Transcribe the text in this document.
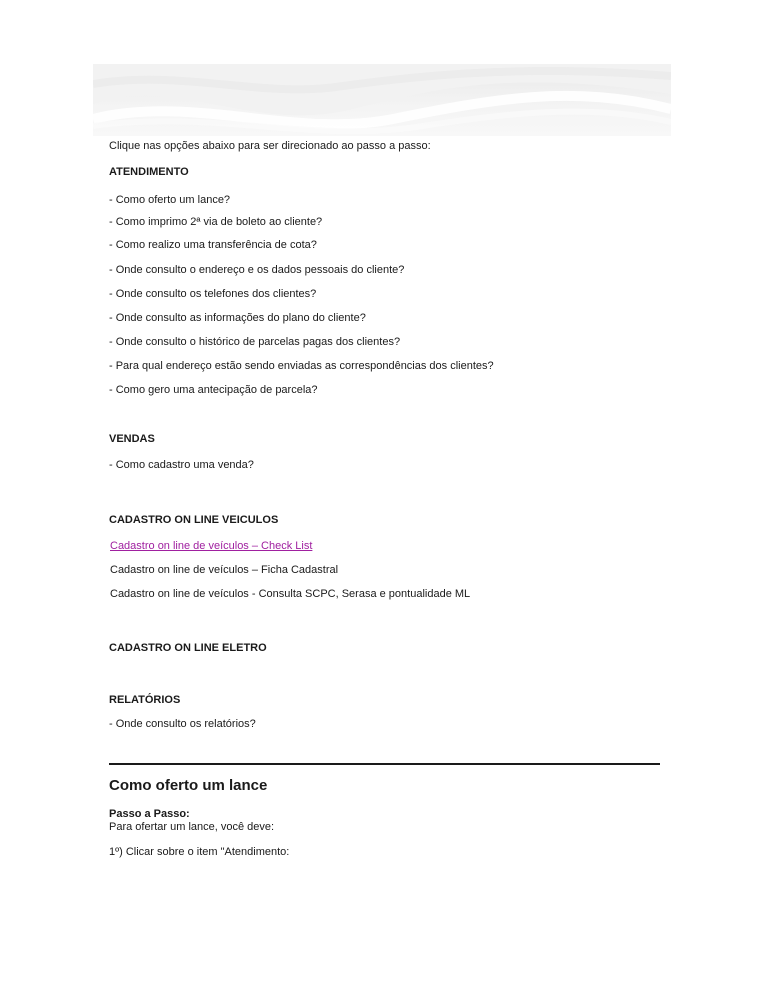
Clique nas opções abaixo para ser direcionado ao passo a passo:
ATENDIMENTO
- Como oferto um lance?
- Como imprimo 2ª via de boleto ao cliente?
- Como realizo uma transferência de cota?
- Onde consulto o endereço e os dados pessoais do cliente?
- Onde consulto os telefones dos clientes?
- Onde consulto as informações do plano do cliente?
- Onde consulto o histórico de parcelas pagas dos clientes?
- Para qual endereço estão sendo enviadas as correspondências dos clientes?
- Como gero uma antecipação de parcela?
VENDAS
- Como cadastro uma venda?
CADASTRO ON LINE VEICULOS
Cadastro on line de veículos – Check List
Cadastro on line de veículos – Ficha Cadastral
Cadastro on line de veículos - Consulta SCPC, Serasa e pontualidade ML
CADASTRO ON LINE ELETRO
RELATÓRIOS
- Onde consulto os relatórios?
Como oferto um lance
Passo a Passo:
Para ofertar um lance, você deve:
1º) Clicar sobre o item "Atendimento:
